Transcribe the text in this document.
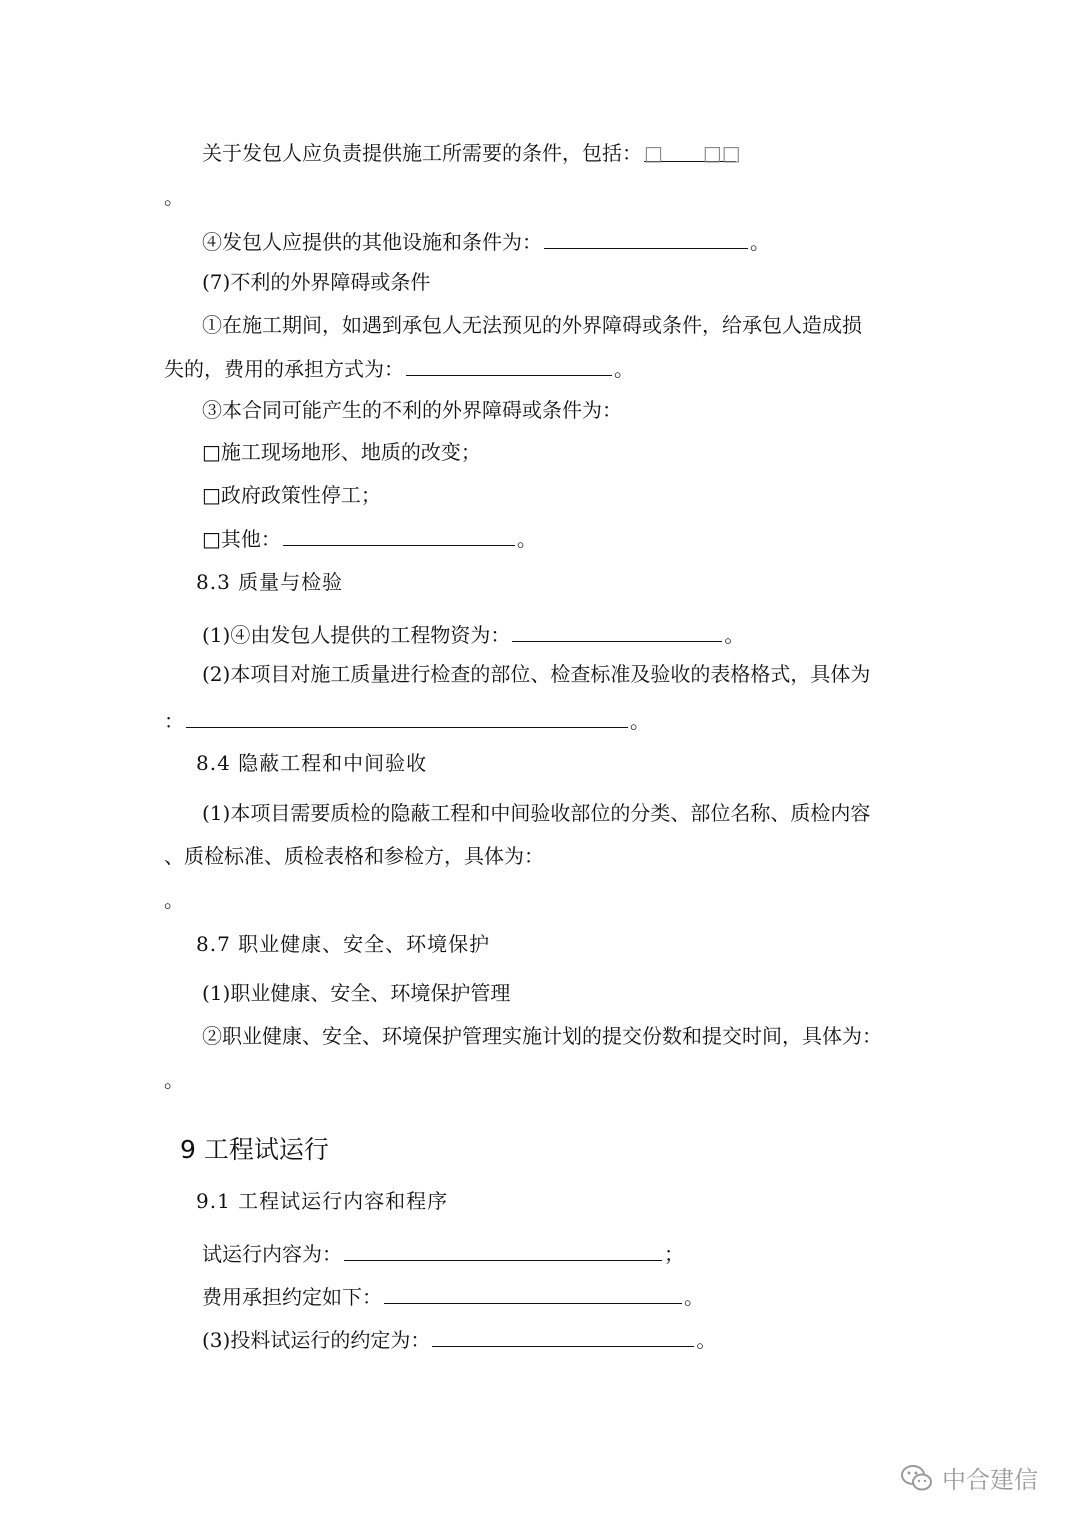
关于发包人应负责提供施工所需要的条件，包括： □　　□□
。
④发包人应提供的其他设施和条件为：	。
(7)不利的外界障碍或条件
①在施工期间，如遇到承包人无法预见的外界障碍或条件，给承包人造成损
失的，费用的承担方式为：	。
③本合同可能产生的不利的外界障碍或条件为：
□施工现场地形、地质的改变；
□政府政策性停工；
□其他：	。
8.3 质量与检验
(1)④由发包人提供的工程物资为：	。
(2)本项目对施工质量进行检查的部位、检查标准及验收的表格格式，具体为
：	。
8.4 隐蔽工程和中间验收
(1)本项目需要质检的隐蔽工程和中间验收部位的分类、部位名称、质检内容
、质检标准、质检表格和参检方，具体为：
。
8.7 职业健康、安全、环境保护
(1)职业健康、安全、环境保护管理
②职业健康、安全、环境保护管理实施计划的提交份数和提交时间，具体为：
。
9 工程试运行
9.1 工程试运行内容和程序
试运行内容为：	；
费用承担约定如下：	。
(3)投料试运行的约定为：	。
中合建信
